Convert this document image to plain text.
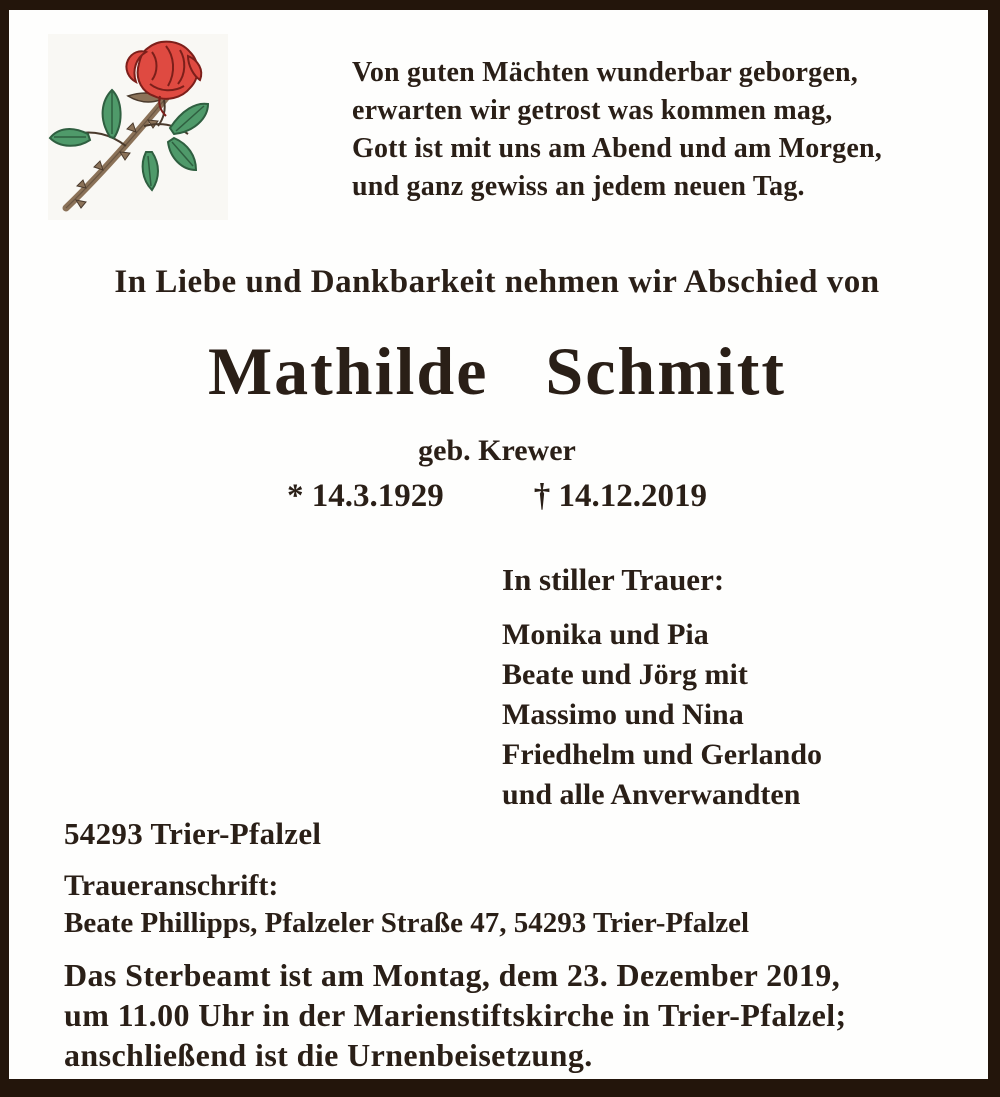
Von guten Mächten wunderbar geborgen,
erwarten wir getrost was kommen mag,
Gott ist mit uns am Abend und am Morgen,
und ganz gewiss an jedem neuen Tag.
In Liebe und Dankbarkeit nehmen wir Abschied von
Mathilde Schmitt
geb. Krewer
* 14.3.1929	† 14.12.2019
In stiller Trauer:
Monika und Pia
Beate und Jörg mit
Massimo und Nina
Friedhelm und Gerlando
und alle Anverwandten
54293 Trier-Pfalzel
Traueranschrift:
Beate Phillipps, Pfalzeler Straße 47, 54293 Trier-Pfalzel
Das Sterbeamt ist am Montag, dem 23. Dezember 2019,
um 11.00 Uhr in der Marienstiftskirche in Trier-Pfalzel;
anschließend ist die Urnenbeisetzung.
